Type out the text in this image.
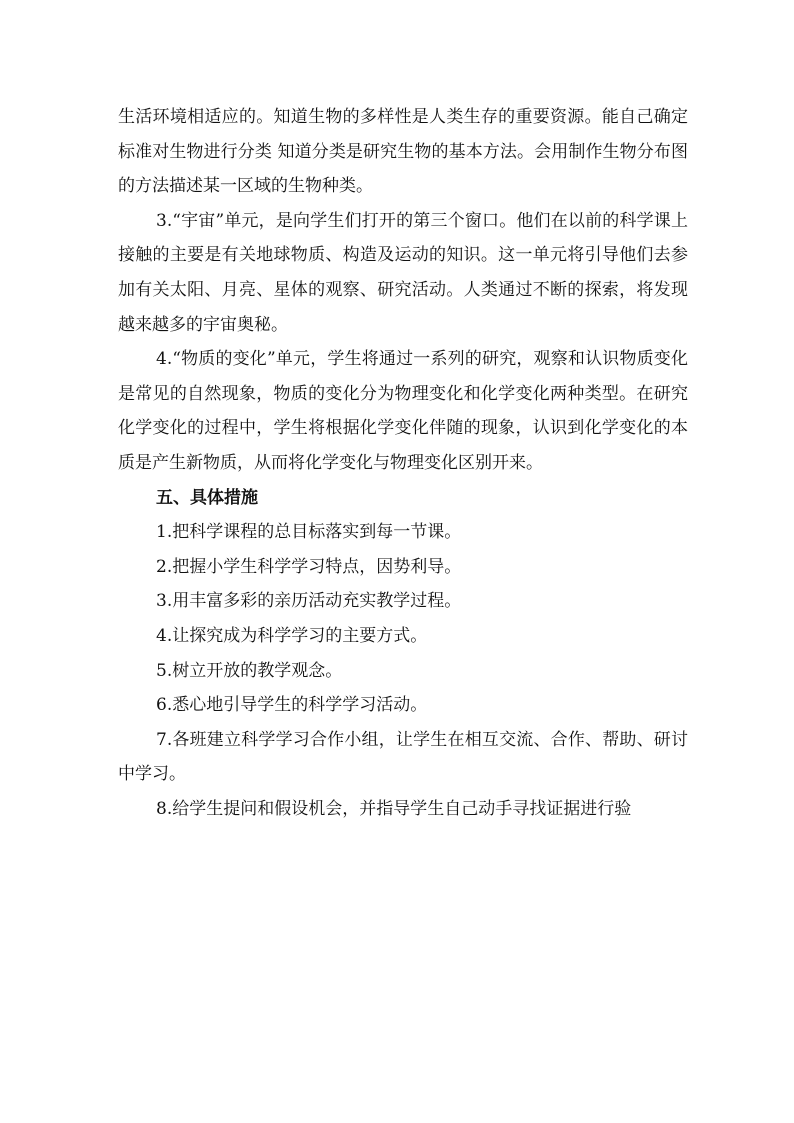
生活环境相适应的。知道生物的多样性是人类生存的重要资源。能自己确定标准对生物进行分类 知道分类是研究生物的基本方法。会用制作生物分布图的方法描述某一区域的生物种类。

3.“宇宙”单元，是向学生们打开的第三个窗口。他们在以前的科学课上接触的主要是有关地球物质、构造及运动的知识。这一单元将引导他们去参加有关太阳、月亮、星体的观察、研究活动。人类通过不断的探索，将发现越来越多的宇宙奥秘。

4.“物质的变化”单元，学生将通过一系列的研究，观察和认识物质变化是常见的自然现象，物质的变化分为物理变化和化学变化两种类型。在研究化学变化的过程中，学生将根据化学变化伴随的现象，认识到化学变化的本质是产生新物质，从而将化学变化与物理变化区别开来。

五、具体措施

1.把科学课程的总目标落实到每一节课。

2.把握小学生科学学习特点，因势利导。

3.用丰富多彩的亲历活动充实教学过程。

4.让探究成为科学学习的主要方式。

5.树立开放的教学观念。

6.悉心地引导学生的科学学习活动。

7.各班建立科学学习合作小组，让学生在相互交流、合作、帮助、研讨中学习。

8.给学生提问和假设机会，并指导学生自己动手寻找证据进行验
